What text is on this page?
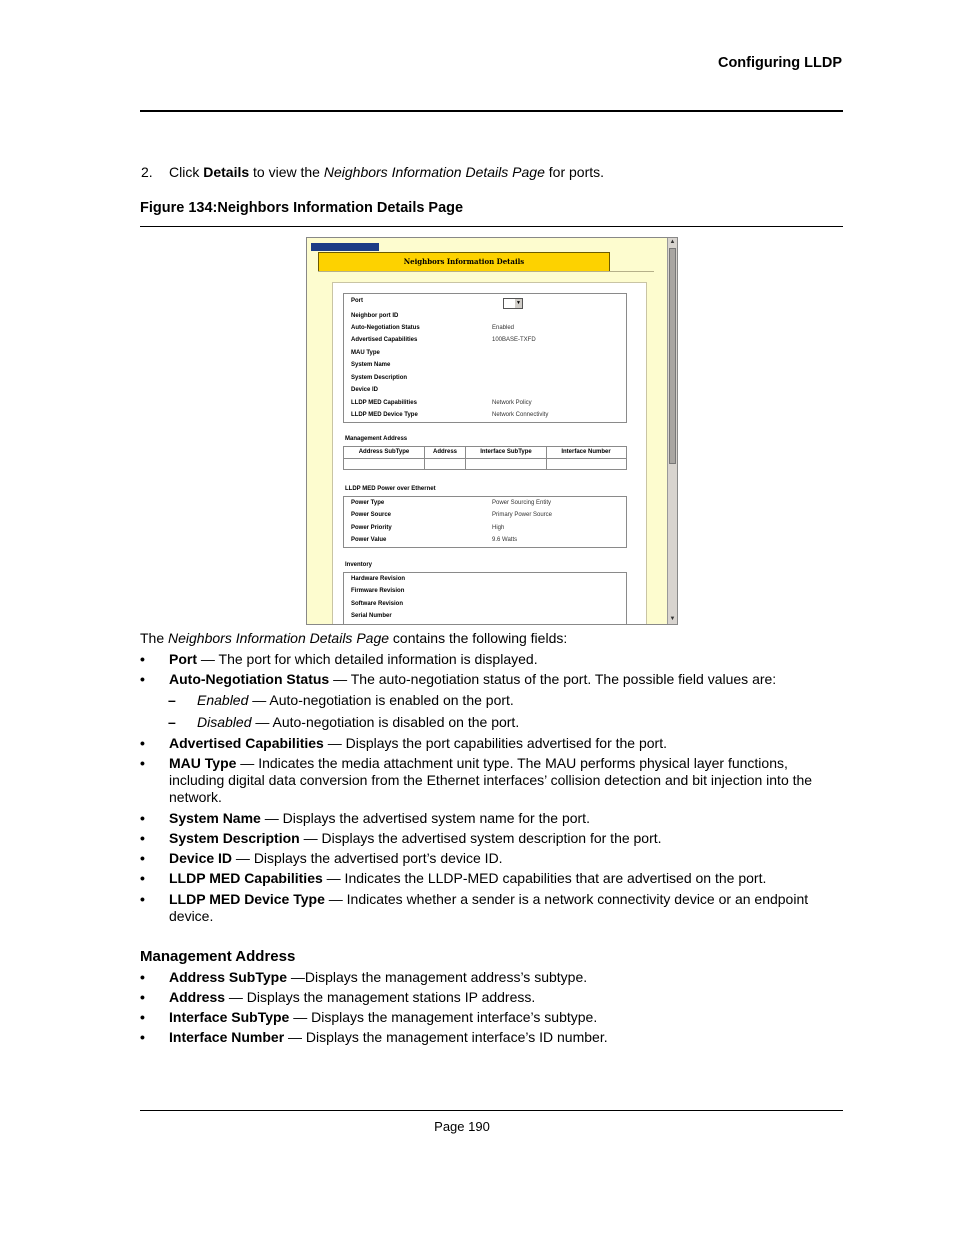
Configuring LLDP
2. Click Details to view the Neighbors Information Details Page for ports.
Figure 134:Neighbors Information Details Page
Neighbors Information Details
▲
▼
Port	▼
Neighbor port ID
Auto-Negotiation Status	Enabled
Advertised Capabilities	100BASE-TXFD
MAU Type
System Name
System Description
Device ID
LLDP MED Capabilities	Network Policy
LLDP MED Device Type	Network Connectivity
Management Address
Address SubType	Address	Interface SubType	Interface Number
LLDP MED Power over Ethernet
Power Type	Power Sourcing Entity
Power Source	Primary Power Source
Power Priority	High
Power Value	9.6 Watts
Inventory
Hardware Revision
Firmware Revision
Software Revision
Serial Number
The Neighbors Information Details Page contains the following fields:
• Port — The port for which detailed information is displayed.
• Auto-Negotiation Status — The auto-negotiation status of the port. The possible field values are:
– Enabled — Auto-negotiation is enabled on the port.
– Disabled — Auto-negotiation is disabled on the port.
• Advertised Capabilities — Displays the port capabilities advertised for the port.
• MAU Type — Indicates the media attachment unit type. The MAU performs physical layer functions, including digital data conversion from the Ethernet interfaces’ collision detection and bit injection into the network.
• System Name — Displays the advertised system name for the port.
• System Description — Displays the advertised system description for the port.
• Device ID — Displays the advertised port’s device ID.
• LLDP MED Capabilities — Indicates the LLDP-MED capabilities that are advertised on the port.
• LLDP MED Device Type — Indicates whether a sender is a network connectivity device or an endpoint device.
Management Address
• Address SubType —Displays the management address’s subtype.
• Address — Displays the management stations IP address.
• Interface SubType — Displays the management interface’s subtype.
• Interface Number — Displays the management interface’s ID number.
Page 190
